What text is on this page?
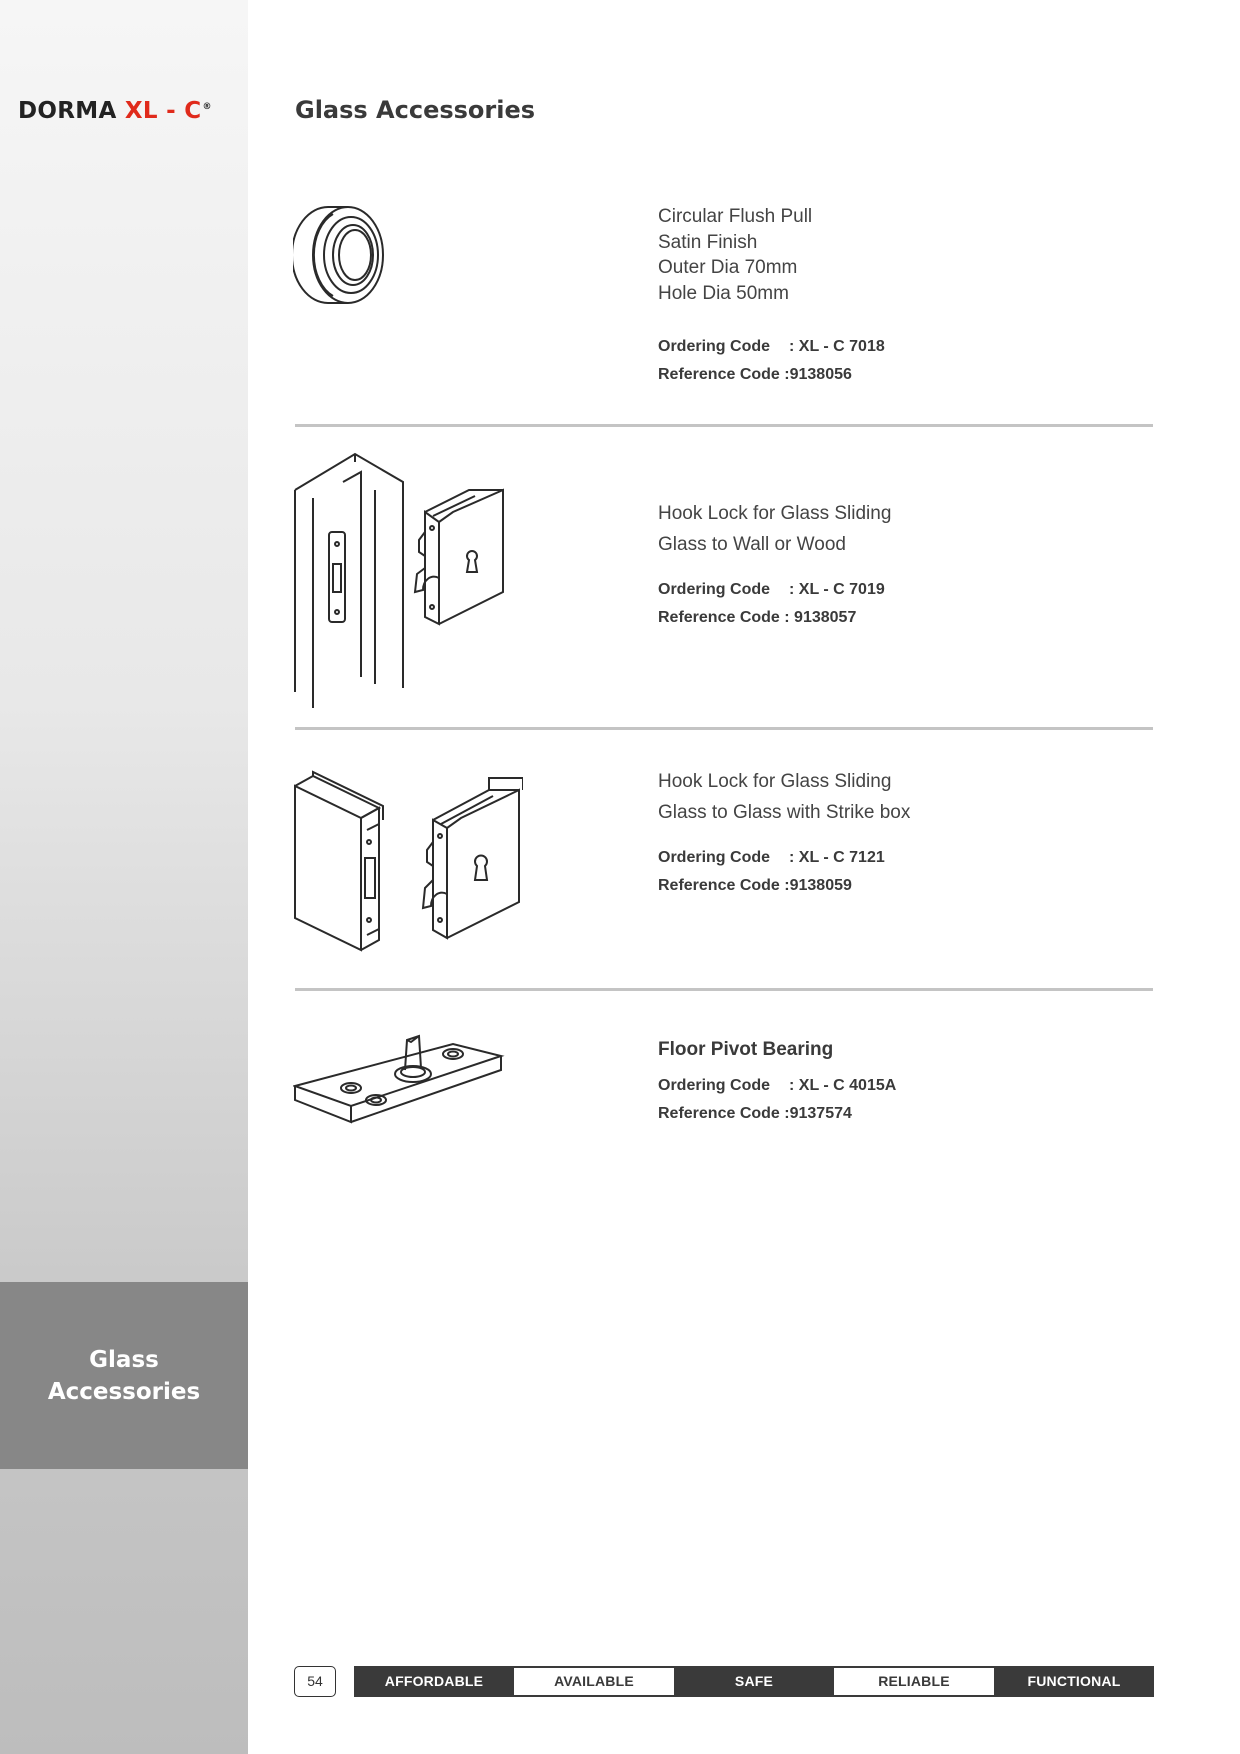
DORMA XL - C®
Glass
Accessories
Glass Accessories
Circular Flush Pull
Satin Finish
Outer Dia 70mm
Hole Dia 50mm
Ordering Code : XL - C 7018
Reference Code :9138056
Hook Lock for Glass Sliding
Glass to Wall or Wood
Ordering Code : XL - C 7019
Reference Code : 9138057
Hook Lock for Glass Sliding
Glass to Glass with Strike box
Ordering Code : XL - C 7121
Reference Code :9138059
Floor Pivot Bearing
Ordering Code : XL - C 4015A
Reference Code :9137574
54	AFFORDABLE	AVAILABLE	SAFE	RELIABLE	FUNCTIONAL
